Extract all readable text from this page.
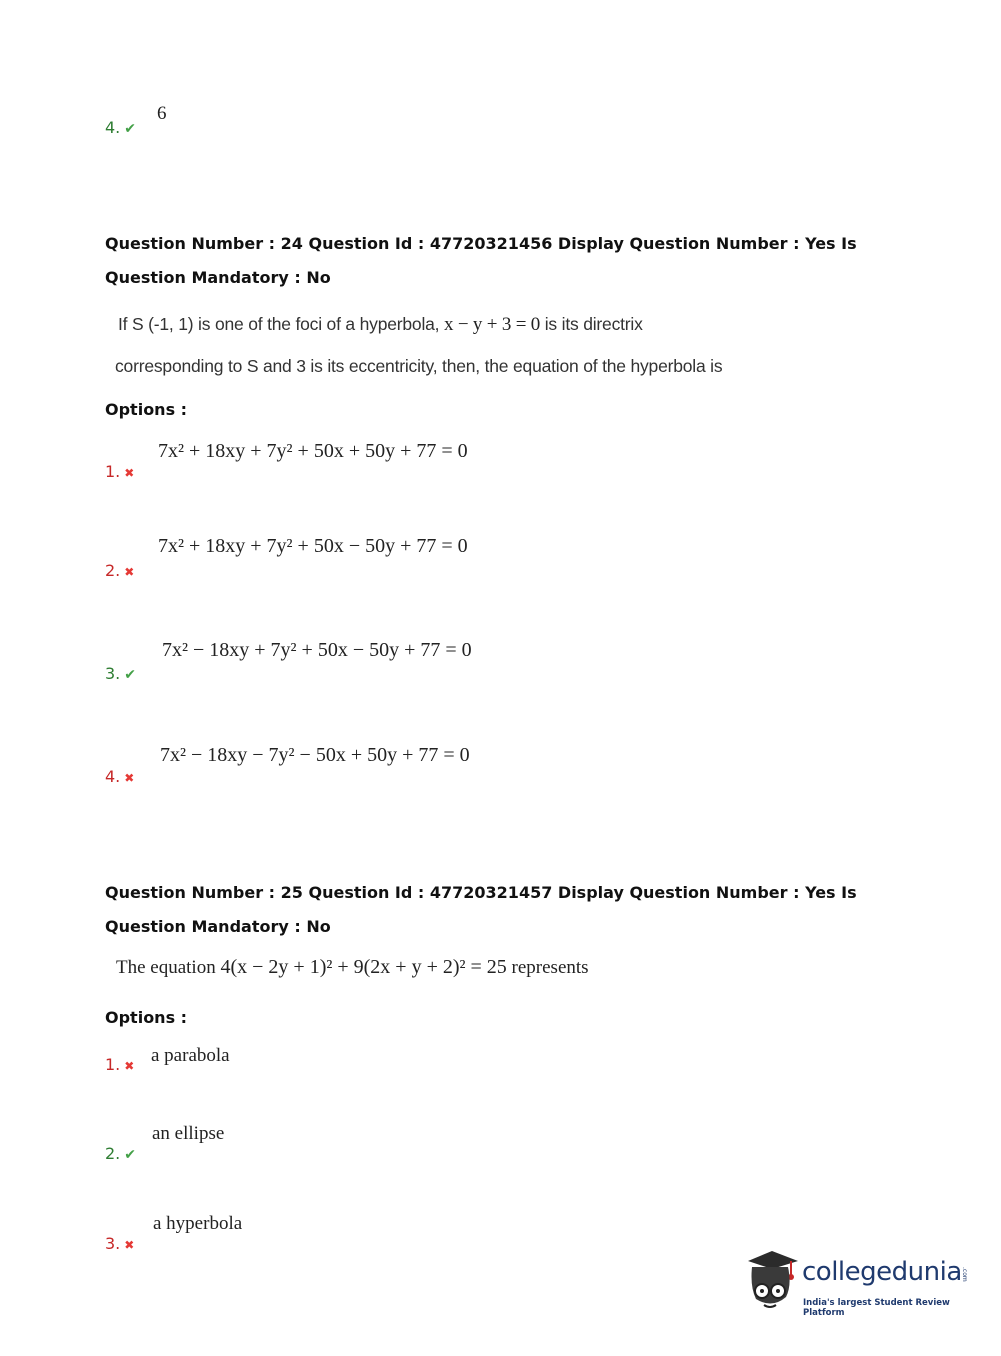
4. ✔
6
Question Number : 24 Question Id : 47720321456 Display Question Number : Yes Is Question Mandatory : No
If S (-1, 1) is one of the foci of a hyperbola, x − y + 3 = 0 is its directrix
corresponding to S and 3 is its eccentricity, then, the equation of the hyperbola is
Options :
1. ✖
7x² + 18xy + 7y² + 50x + 50y + 77 = 0
2. ✖
7x² + 18xy + 7y² + 50x − 50y + 77 = 0
3. ✔
7x² − 18xy + 7y² + 50x − 50y + 77 = 0
4. ✖
7x² − 18xy − 7y² − 50x + 50y + 77 = 0
Question Number : 25 Question Id : 47720321457 Display Question Number : Yes Is Question Mandatory : No
The equation 4(x − 2y + 1)² + 9(2x + y + 2)² = 25 represents
Options :
1. ✖ a parabola
2. ✔
an ellipse
3. ✖
a hyperbola
collegedunia .com
India's largest Student Review Platform
